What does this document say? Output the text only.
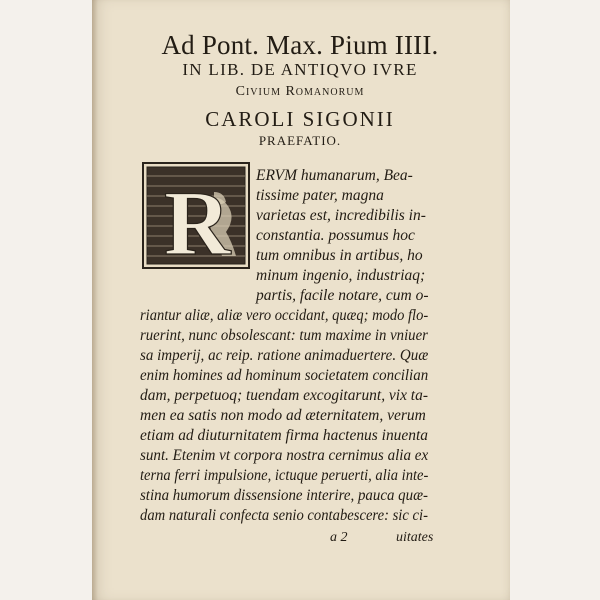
Ad Pont. Max. Pium IIII.
IN LIB. DE ANTIQVO IVRE
Civium Romanorum
CAROLI SIGONII
PRAEFATIO.
R ERVM humanarum, Bea-
tissime pater, magna
varietas est, incredibilis in-
constantia. possumus hoc
tum omnibus in artibus, ho
minum ingenio, industriaq;
partis, facile notare, cum o-
riantur aliæ, aliæ vero occidant, quæq; modo flo-
ruerint, nunc obsolescant: tum maxime in vniuer
sa imperij, ac reip. ratione animaduertere. Quæ
enim homines ad hominum societatem concilian
dam, perpetuoq; tuendam excogitarunt, vix ta-
men ea satis non modo ad æternitatem, verum
etiam ad diuturnitatem firma hactenus inuenta
sunt. Etenim vt corpora nostra cernimus alia ex
terna ferri impulsione, ictuque peruerti, alia inte-
stina humorum dissensione interire, pauca quæ-
dam naturali confecta senio contabescere: sic ci-
a 2	uitates
